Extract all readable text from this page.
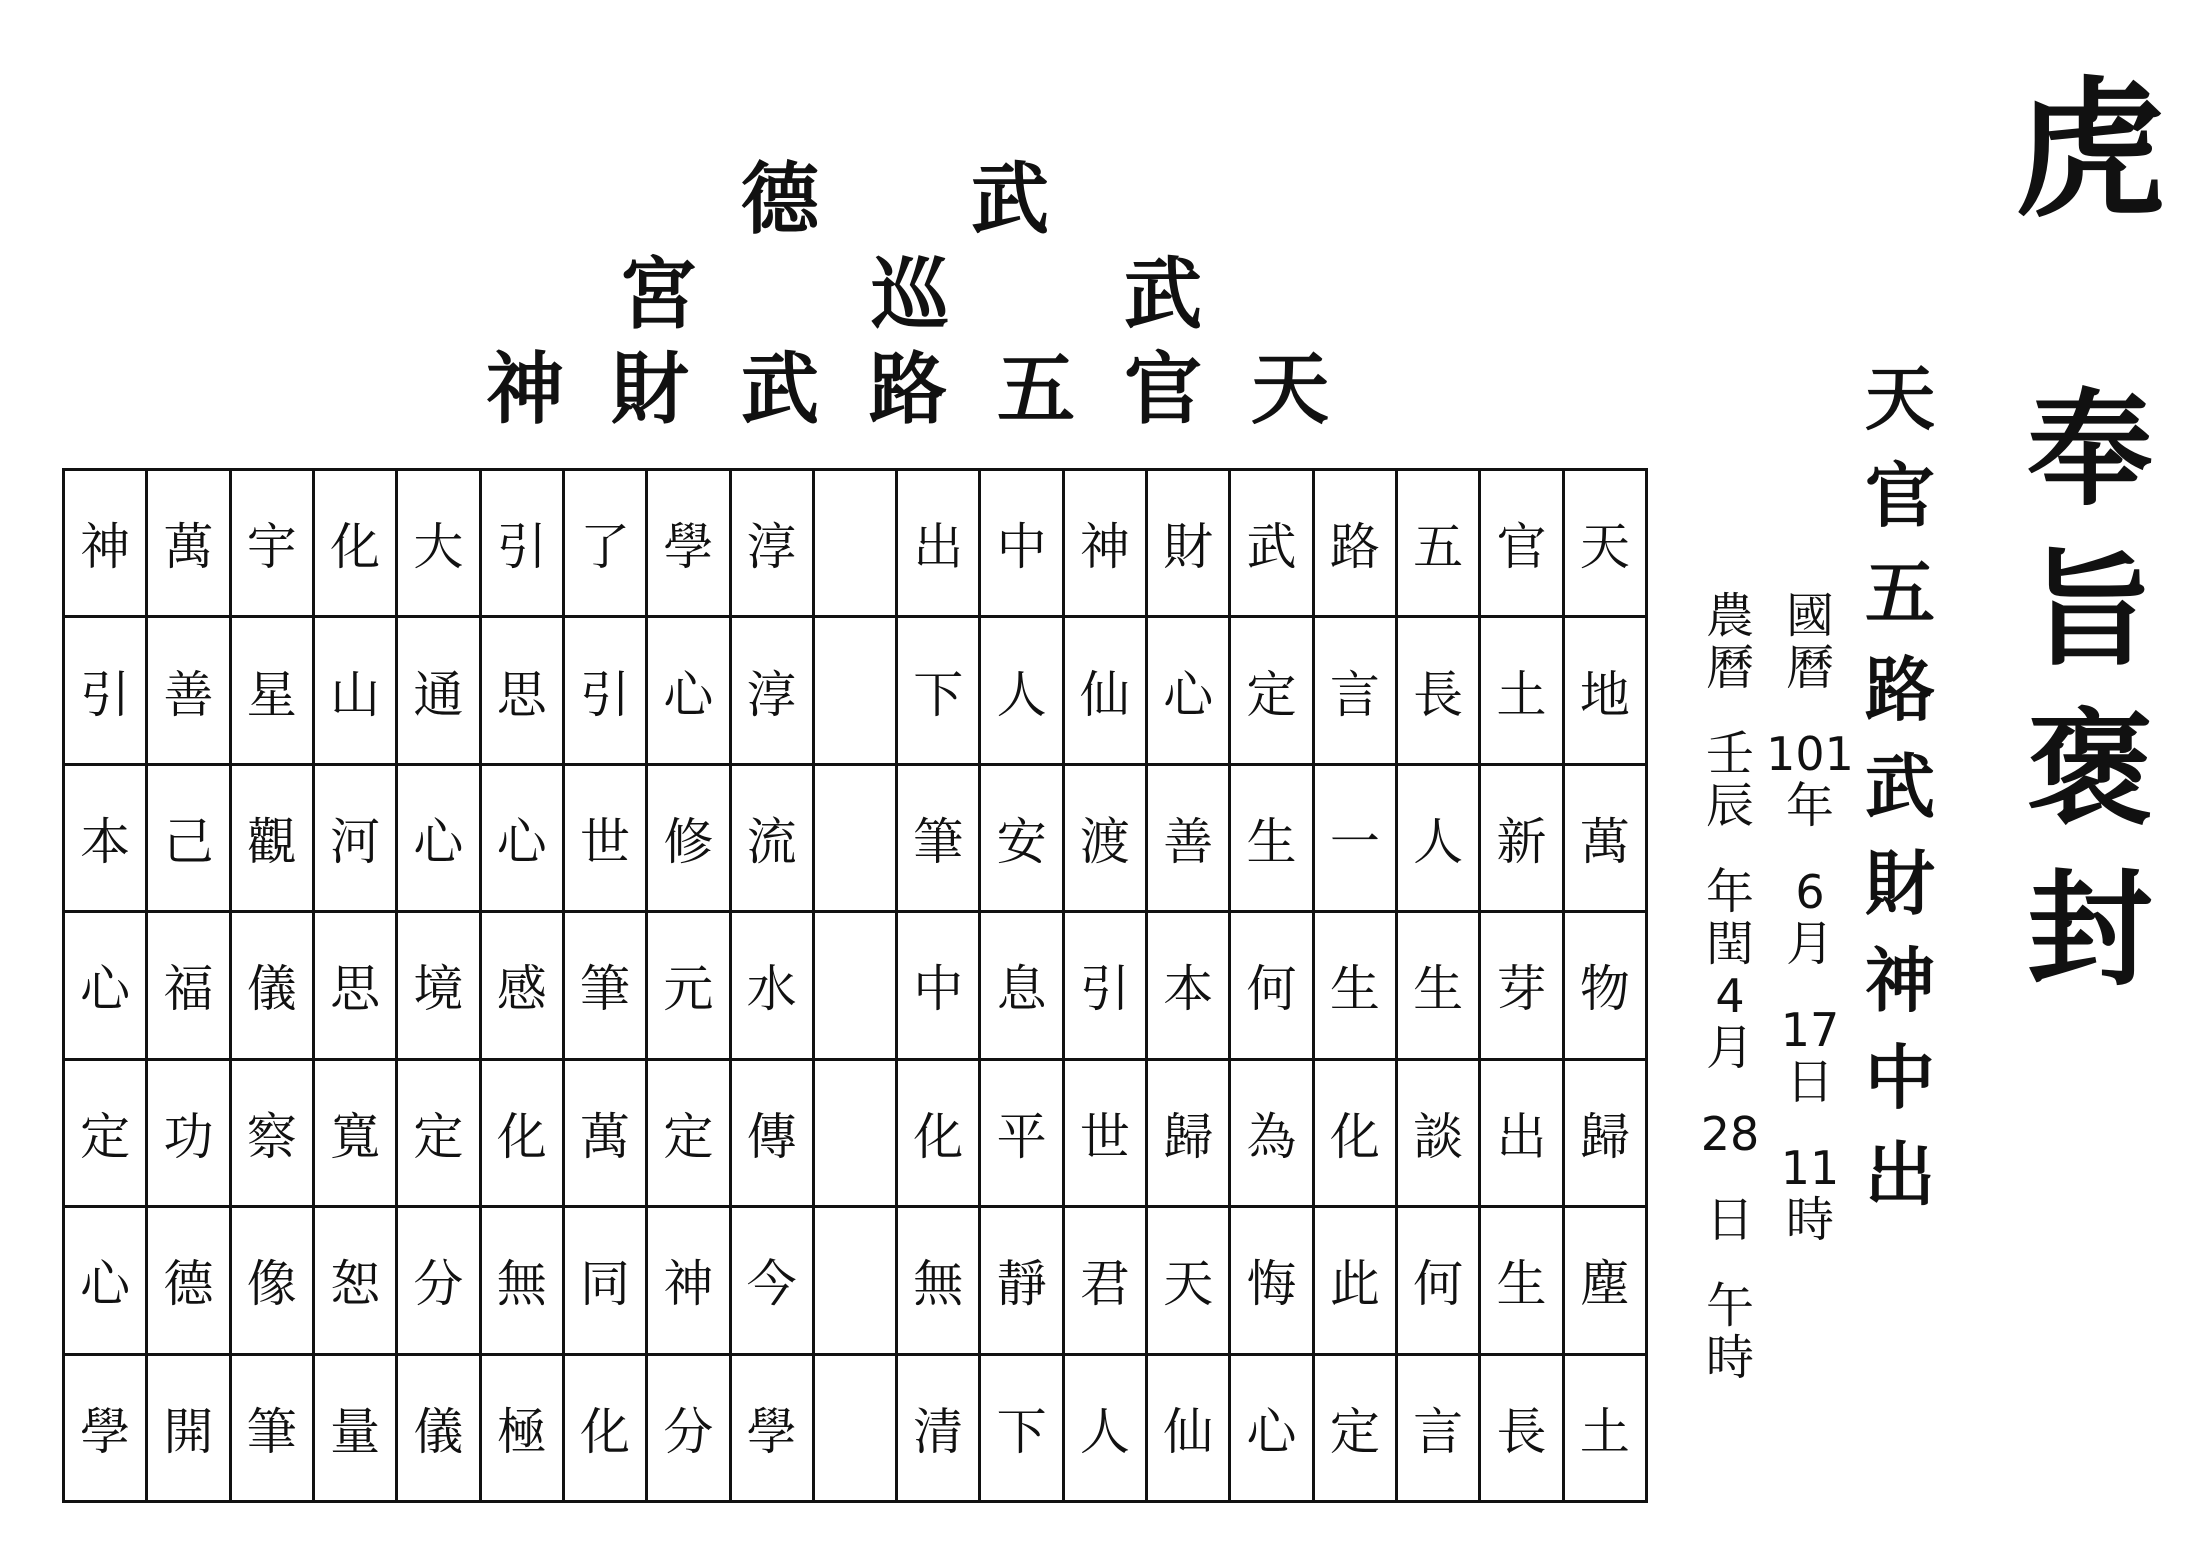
德 武
宮 巡 武
神 財 武 路 五 官 天
神	萬	宇	化	大	引	了	學	淳		出	中	神	財	武	路	五	官	天
引	善	星	山	通	思	引	心	淳		下	人	仙	心	定	言	長	土	地
本	己	觀	河	心	心	世	修	流		筆	安	渡	善	生	一	人	新	萬
心	福	儀	思	境	感	筆	元	水		中	息	引	本	何	生	生	芽	物
定	功	察	寬	定	化	萬	定	傳		化	平	世	歸	為	化	談	出	歸
心	德	像	恕	分	無	同	神	今		無	靜	君	天	悔	此	何	生	塵
學	開	筆	量	儀	極	化	分	學		清	下	人	仙	心	定	言	長	土
虎
奉
旨
褒
封
天
官
五
路
武
財
神
中
出
國
曆
101
年
6
月
17
日
11
時
農
曆
壬
辰
年
閏
4
月
28
日
午
時
